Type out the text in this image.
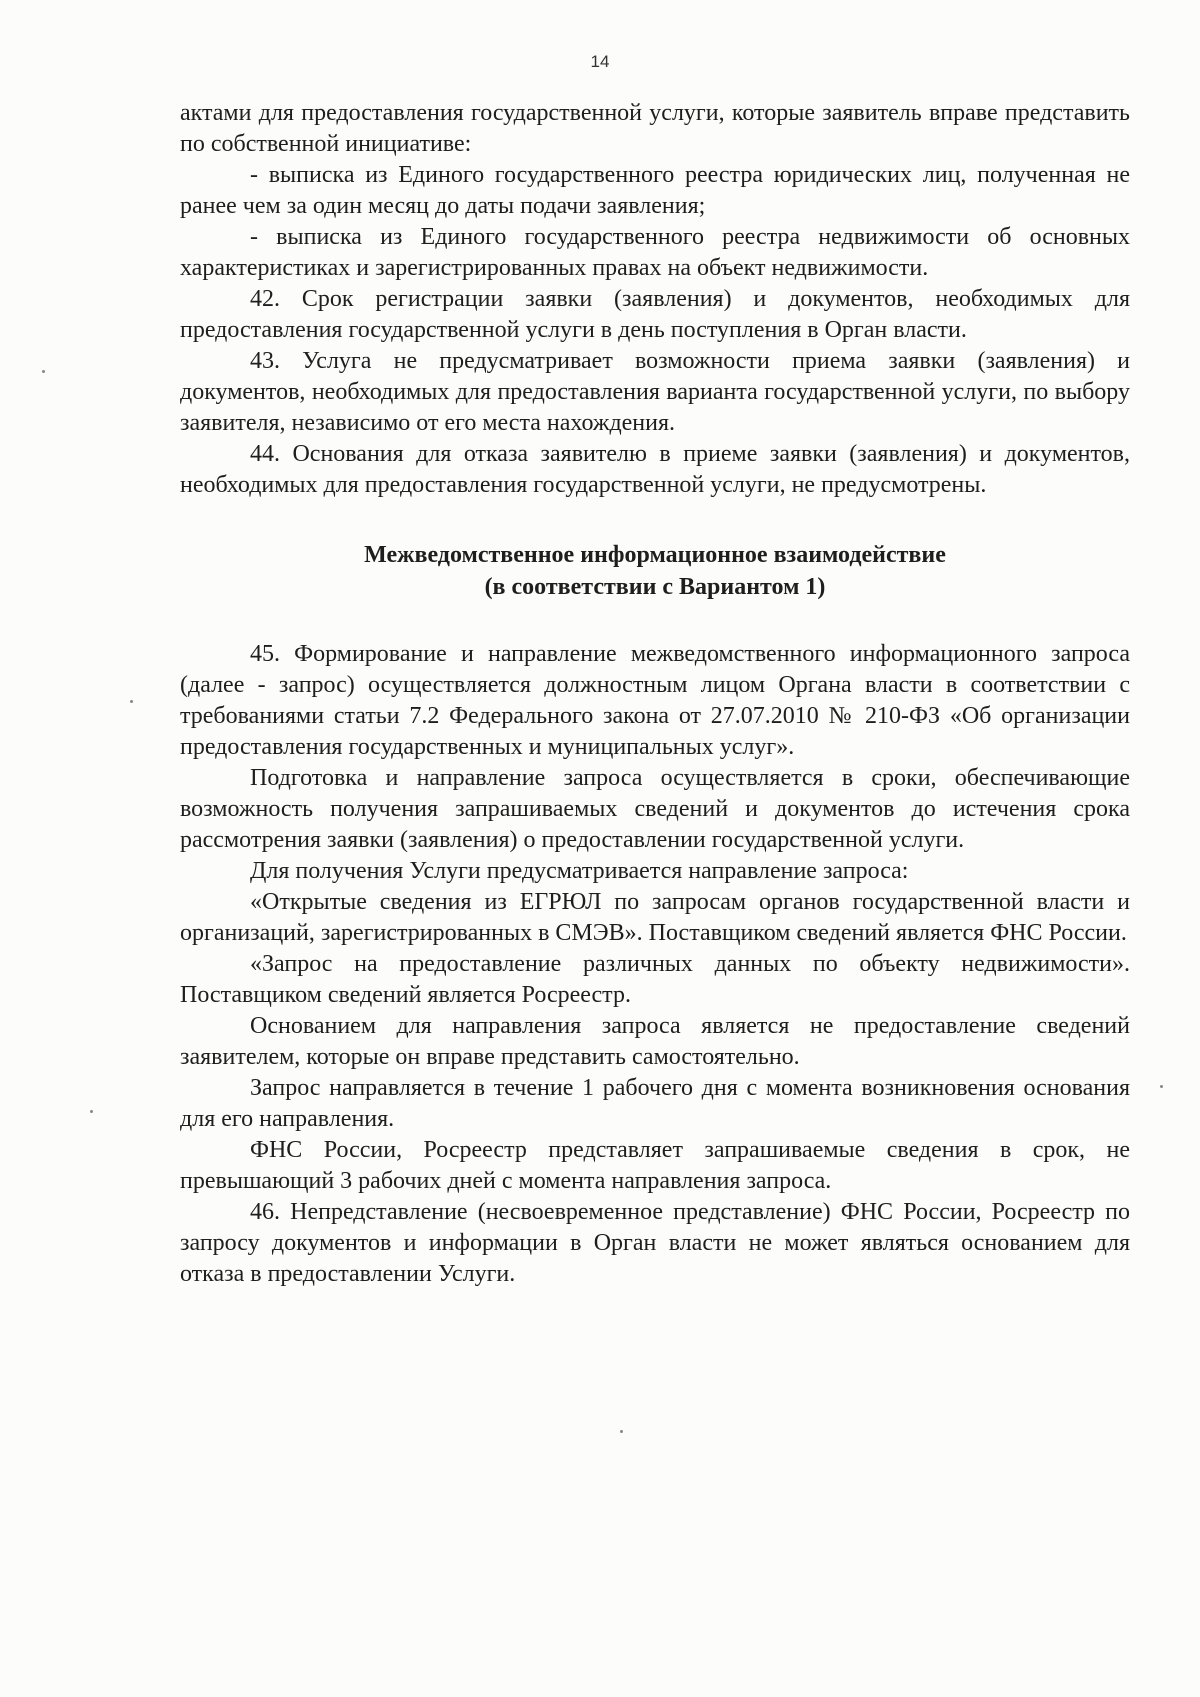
14

актами для предоставления государственной услуги, которые заявитель вправе представить по собственной инициативе:

- выписка из Единого государственного реестра юридических лиц, полученная не ранее чем за один месяц до даты подачи заявления;

- выписка из Единого государственного реестра недвижимости об основных характеристиках и зарегистрированных правах на объект недвижимости.

42. Срок регистрации заявки (заявления) и документов, необходимых для предоставления государственной услуги в день поступления в Орган власти.

43. Услуга не предусматривает возможности приема заявки (заявления) и документов, необходимых для предоставления варианта государственной услуги, по выбору заявителя, независимо от его места нахождения.

44. Основания для отказа заявителю в приеме заявки (заявления) и документов, необходимых для предоставления государственной услуги, не предусмотрены.

Межведомственное информационное взаимодействие
(в соответствии с Вариантом 1)

45. Формирование и направление межведомственного информационного запроса (далее - запрос) осуществляется должностным лицом Органа власти в соответствии с требованиями статьи 7.2 Федерального закона от 27.07.2010 № 210-ФЗ «Об организации предоставления государственных и муниципальных услуг».

Подготовка и направление запроса осуществляется в сроки, обеспечивающие возможность получения запрашиваемых сведений и документов до истечения срока рассмотрения заявки (заявления) о предоставлении государственной услуги.

Для получения Услуги предусматривается направление запроса:

«Открытые сведения из ЕГРЮЛ по запросам органов государственной власти и организаций, зарегистрированных в СМЭВ». Поставщиком сведений является ФНС России.

«Запрос на предоставление различных данных по объекту недвижимости». Поставщиком сведений является Росреестр.

Основанием для направления запроса является не предоставление сведений заявителем, которые он вправе представить самостоятельно.

Запрос направляется в течение 1 рабочего дня с момента возникновения основания для его направления.

ФНС России, Росреестр представляет запрашиваемые сведения в срок, не превышающий 3 рабочих дней с момента направления запроса.

46. Непредставление (несвоевременное представление) ФНС России, Росреестр по запросу документов и информации в Орган власти не может являться основанием для отказа в предоставлении Услуги.
